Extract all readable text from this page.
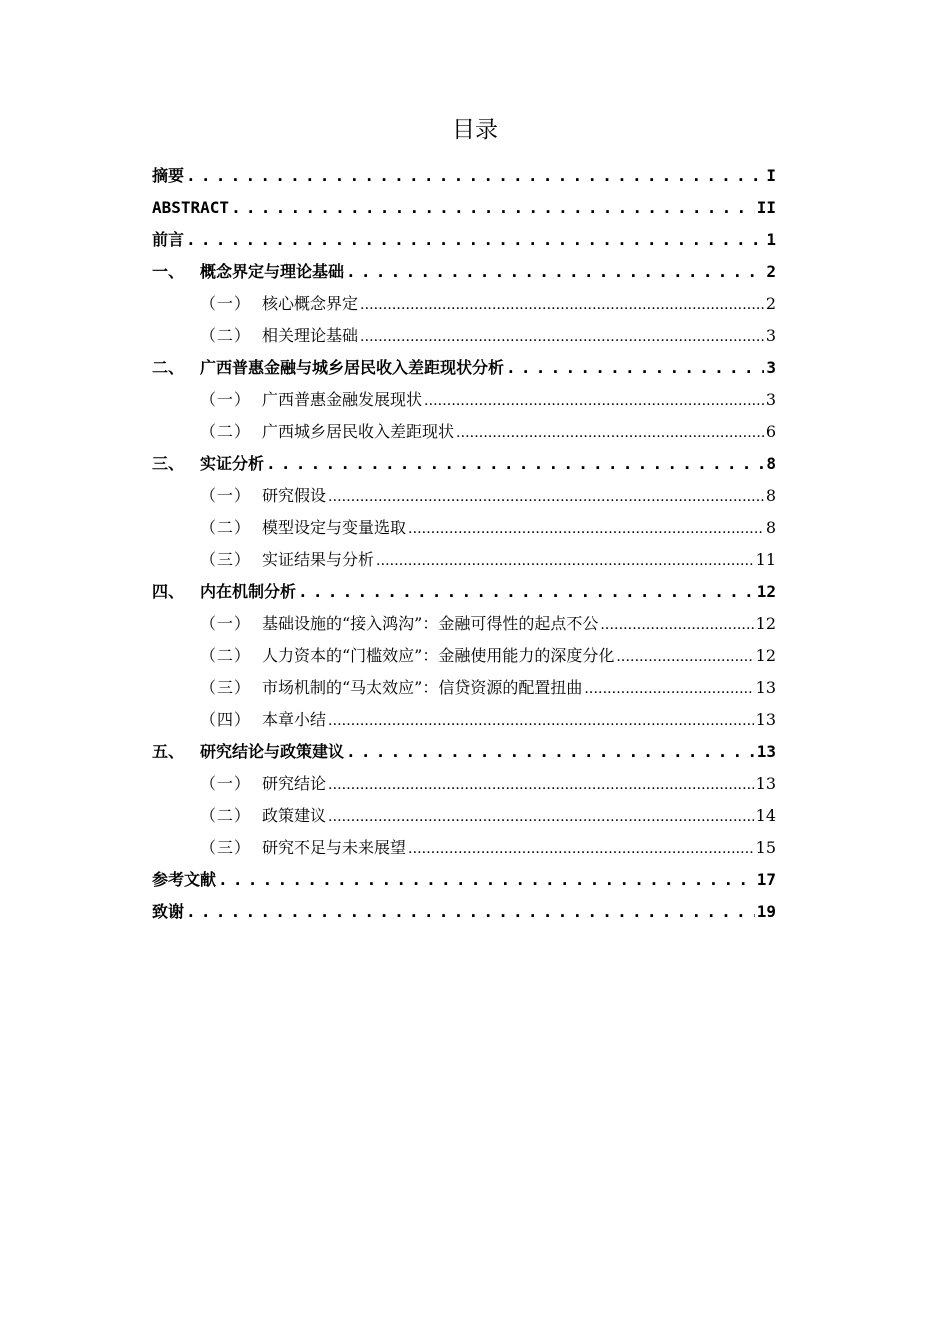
目录
摘要 . . .	I
ABSTRACT . . .	II
前言 . . .	1
一、 概念界定与理论基础 . . .	2
（一） 核心概念界定 .....	2
（二） 相关理论基础 .....	3
二、 广西普惠金融与城乡居民收入差距现状分析 . . .	3
（一） 广西普惠金融发展现状 .....	3
（二） 广西城乡居民收入差距现状 .....	6
三、 实证分析 . . .	8
（一） 研究假设 .....	8
（二） 模型设定与变量选取 .....	8
（三） 实证结果与分析 .....	11
四、 内在机制分析 . . .	12
（一） 基础设施的“接入鸿沟”：金融可得性的起点不公 .....	12
（二） 人力资本的“门槛效应”：金融使用能力的深度分化 .....	12
（三） 市场机制的“马太效应”：信贷资源的配置扭曲 .....	13
（四） 本章小结 .....	13
五、 研究结论与政策建议 . . .	13
（一） 研究结论 .....	13
（二） 政策建议 .....	14
（三） 研究不足与未来展望 .....	15
参考文献 . . .	17
致谢 . . .	19
